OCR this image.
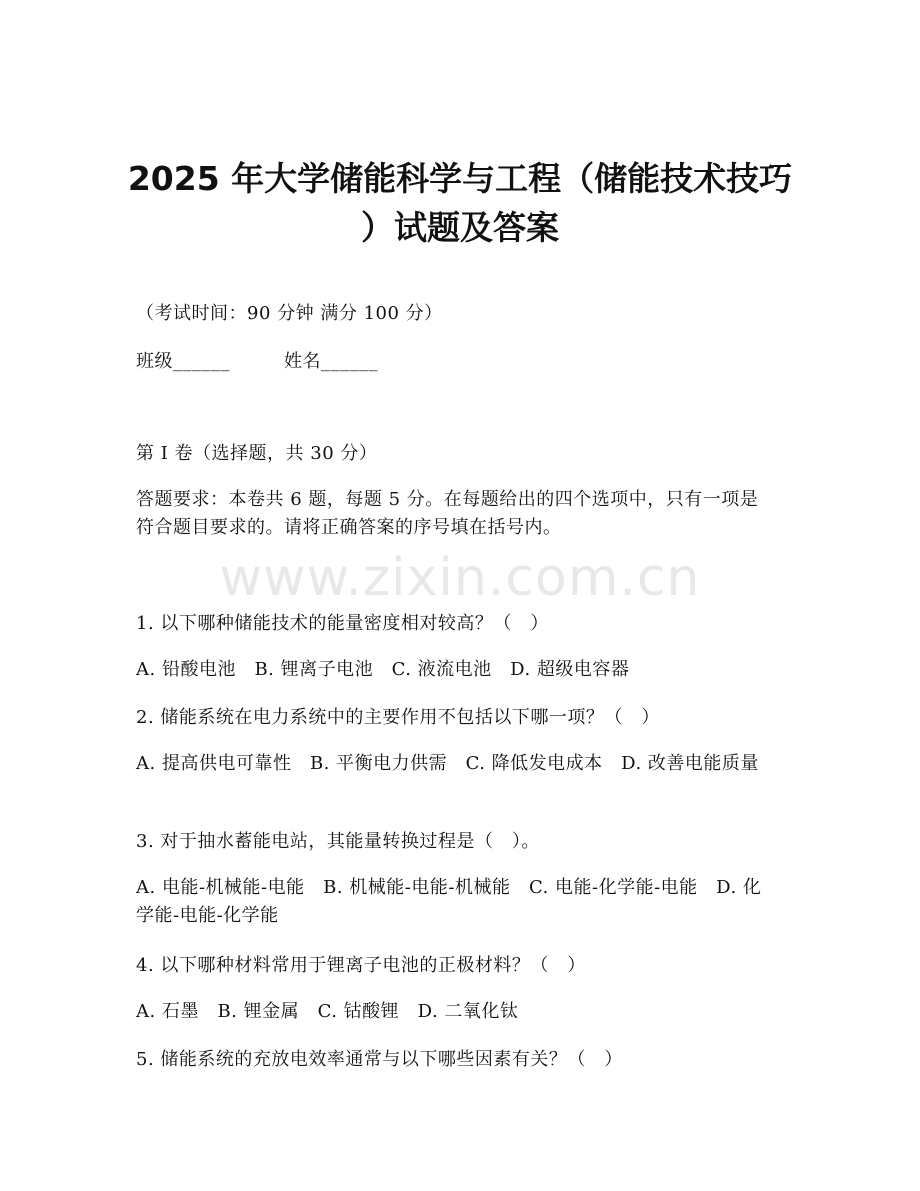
www.zixin.com.cn
2025 年大学储能科学与工程（储能技术技巧
）试题及答案
（考试时间：90 分钟 满分 100 分）
班级______	姓名______
第 I 卷（选择题，共 30 分）
答题要求：本卷共 6 题，每题 5 分。在每题给出的四个选项中，只有一项是符合题目要求的。请将正确答案的序号填在括号内。
1. 以下哪种储能技术的能量密度相对较高？（　）
A. 铅酸电池　B. 锂离子电池　C. 液流电池　D. 超级电容器
2. 储能系统在电力系统中的主要作用不包括以下哪一项？（　）
A. 提高供电可靠性　B. 平衡电力供需　C. 降低发电成本　D. 改善电能质量
3. 对于抽水蓄能电站，其能量转换过程是（　）。
A. 电能-机械能-电能　B. 机械能-电能-机械能　C. 电能-化学能-电能　D. 化学能-电能-化学能
4. 以下哪种材料常用于锂离子电池的正极材料？（　）
A. 石墨　B. 锂金属　C. 钴酸锂　D. 二氧化钛
5. 储能系统的充放电效率通常与以下哪些因素有关？（　）
